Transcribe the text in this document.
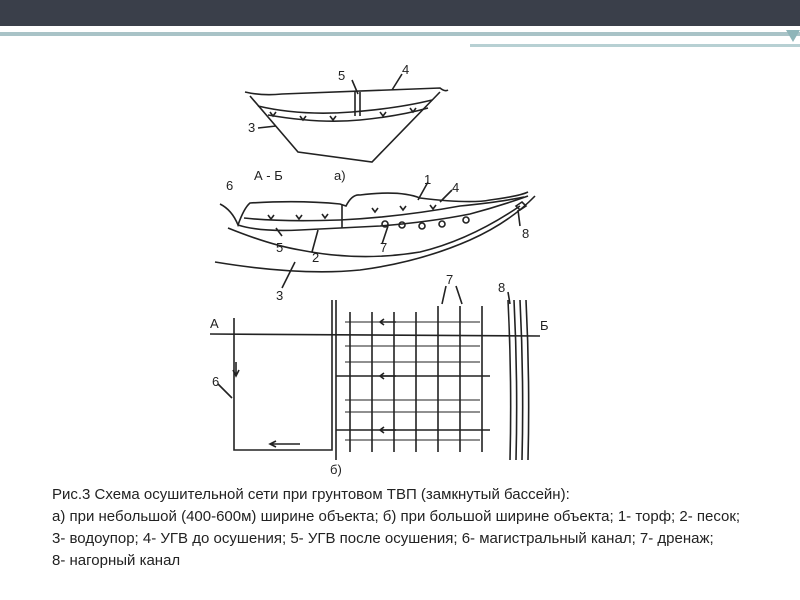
5	4
3
А - Б	а)
6	1
4
8
5
2
7
3
А	Б
6
7
8
б)
Рис.3 Схема осушительной сети при грунтовом ТВП (замкнутый бассейн):
а) при небольшой (400-600м) ширине объекта; б) при большой ширине объекта; 1- торф; 2- песок;
3- водоупор; 4- УГВ до осушения; 5- УГВ после осушения; 6- магистральный канал; 7- дренаж;
8- нагорный канал
